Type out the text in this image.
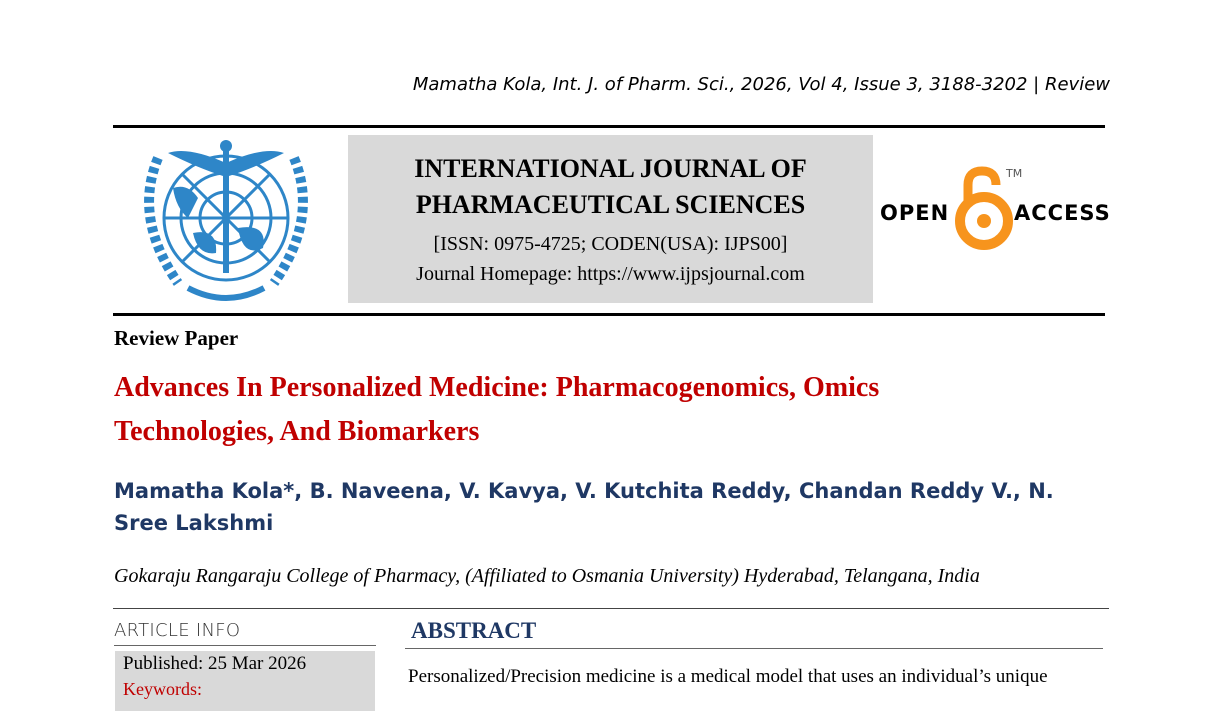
Mamatha Kola, Int. J. of Pharm. Sci., 2026, Vol 4, Issue 3, 3188-3202 | Review
INTERNATIONAL JOURNAL OF
PHARMACEUTICAL SCIENCES
[ISSN: 0975-4725; CODEN(USA): IJPS00]
Journal Homepage: https://www.ijpsjournal.com
OPEN
TM
ACCESS
Review Paper
Advances In Personalized Medicine: Pharmacogenomics, Omics
Technologies, And Biomarkers
Mamatha Kola*, B. Naveena, V. Kavya, V. Kutchita Reddy, Chandan Reddy V., N. Sree Lakshmi
Gokaraju Rangaraju College of Pharmacy, (Affiliated to Osmania University) Hyderabad, Telangana, India
ARTICLE INFO
Published: 25 Mar 2026
Keywords:
ABSTRACT
Personalized/Precision medicine is a medical model that uses an individual’s unique
